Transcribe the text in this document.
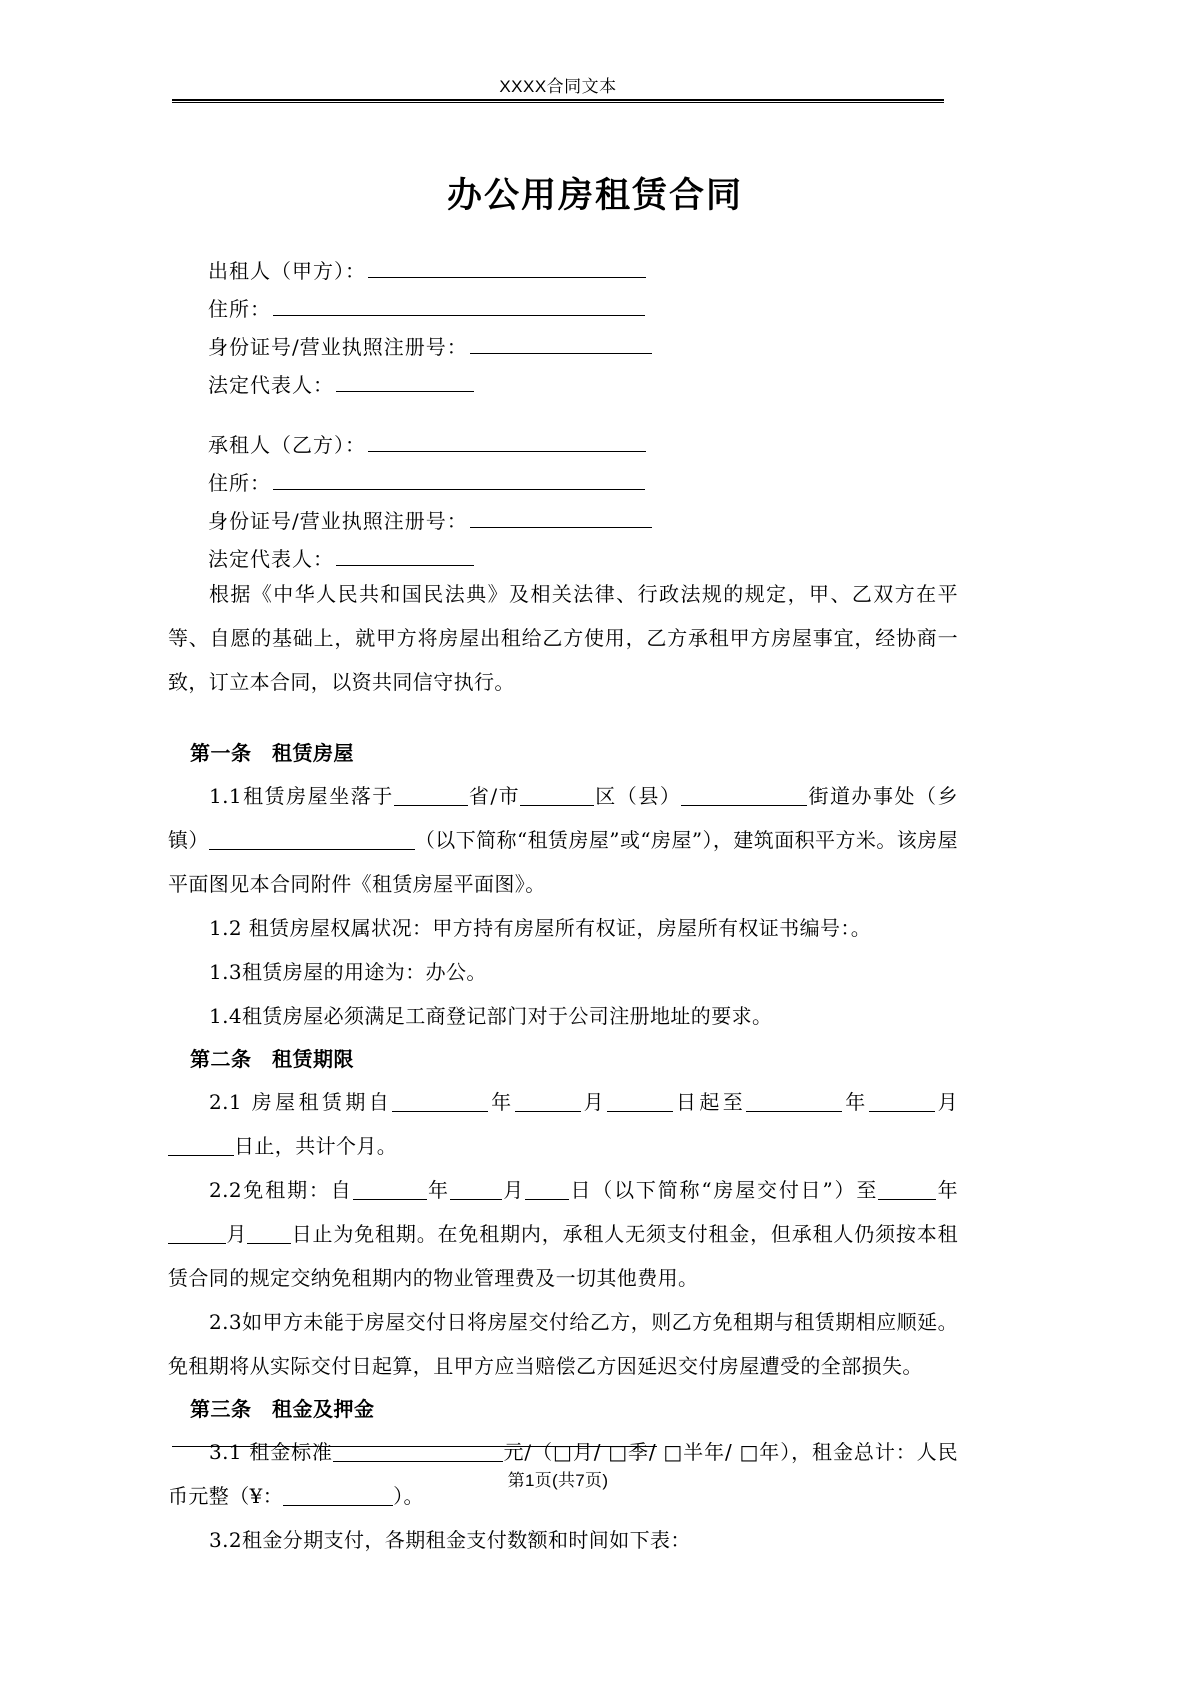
XXXX合同文本
办公用房租赁合同
出租人（甲方）：
住所：
身份证号/营业执照注册号：
法定代表人：
承租人（乙方）：
住所：
身份证号/营业执照注册号：
法定代表人：

根据《中华人民共和国民法典》及相关法律、行政法规的规定，甲、乙双方在平等、自愿的基础上，就甲方将房屋出租给乙方使用，乙方承租甲方房屋事宜，经协商一致，订立本合同，以资共同信守执行。

第一条　租赁房屋

1.1租赁房屋坐落于	省/市	区（县）	街道办事处（乡镇）	（以下简称“租赁房屋”或“房屋”），建筑面积平方米。该房屋平面图见本合同附件《租赁房屋平面图》。

1.2 租赁房屋权属状况：甲方持有房屋所有权证，房屋所有权证书编号：。

1.3租赁房屋的用途为：办公。

1.4租赁房屋必须满足工商登记部门对于公司注册地址的要求。

第二条　租赁期限

2.1 房屋租赁期自	年	月	日起至	年	月日止，共计个月。

2.2免租期：自	年	月 日（以下简称“房屋交付日”）至	年月 日止为免租期。在免租期内，承租人无须支付租金，但承租人仍须按本租赁合同的规定交纳免租期内的物业管理费及一切其他费用。

2.3如甲方未能于房屋交付日将房屋交付给乙方，则乙方免租期与租赁期相应顺延。免租期将从实际交付日起算，且甲方应当赔偿乙方因延迟交付房屋遭受的全部损失。

第三条　租金及押金

3.1 租金标准	元/（□月/ □季/ □半年/ □年），租金总计：人民币元整（¥：	）。

3.2租金分期支付，各期租金支付数额和时间如下表：

第1页(共7页)
